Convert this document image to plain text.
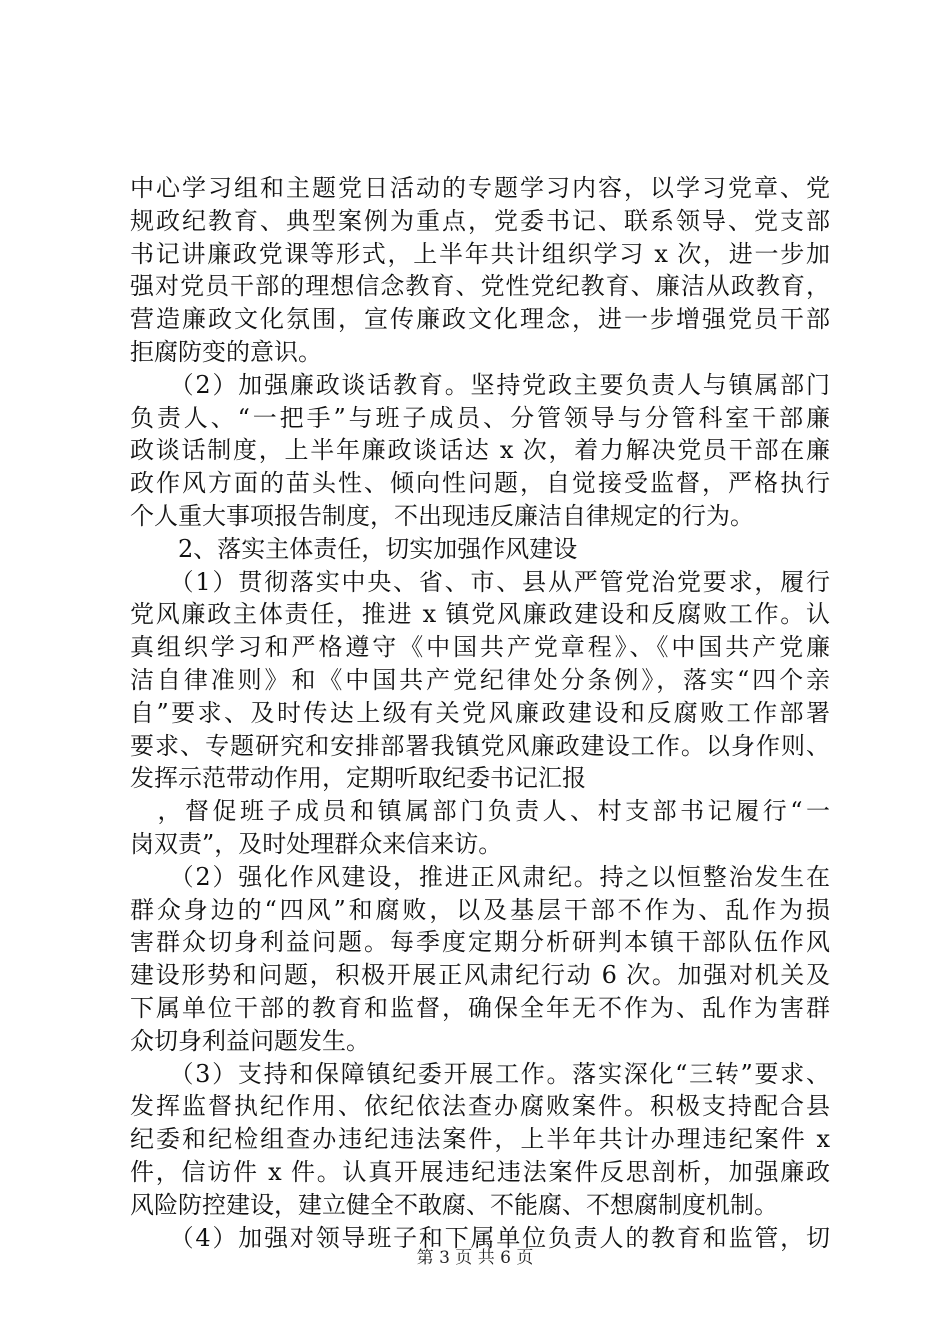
中心学习组和主题党日活动的专题学习内容，以学习党章、党
规政纪教育、典型案例为重点，党委书记、联系领导、党支部
书记讲廉政党课等形式，上半年共计组织学习 x 次，进一步加
强对党员干部的理想信念教育、党性党纪教育、廉洁从政教育，
营造廉政文化氛围，宣传廉政文化理念，进一步增强党员干部
拒腐防变的意识。
　　（2）加强廉政谈话教育。坚持党政主要负责人与镇属部门
负责人、“一把手”与班子成员、分管领导与分管科室干部廉
政谈话制度，上半年廉政谈话达 x 次，着力解决党员干部在廉
政作风方面的苗头性、倾向性问题，自觉接受监督，严格执行
个人重大事项报告制度，不出现违反廉洁自律规定的行为。
　　2、落实主体责任，切实加强作风建设
　　（1）贯彻落实中央、省、市、县从严管党治党要求，履行
党风廉政主体责任，推进 x 镇党风廉政建设和反腐败工作。认
真组织学习和严格遵守《中国共产党章程》、《中国共产党廉
洁自律准则》和《中国共产党纪律处分条例》，落实“四个亲
自”要求、及时传达上级有关党风廉政建设和反腐败工作部署
要求、专题研究和安排部署我镇党风廉政建设工作。以身作则、
发挥示范带动作用，定期听取纪委书记汇报
　，督促班子成员和镇属部门负责人、村支部书记履行“一
岗双责”，及时处理群众来信来访。
　　（2）强化作风建设，推进正风肃纪。持之以恒整治发生在
群众身边的“四风”和腐败，以及基层干部不作为、乱作为损
害群众切身利益问题。每季度定期分析研判本镇干部队伍作风
建设形势和问题，积极开展正风肃纪行动 6 次。加强对机关及
下属单位干部的教育和监督，确保全年无不作为、乱作为害群
众切身利益问题发生。
　　（3）支持和保障镇纪委开展工作。落实深化“三转”要求、
发挥监督执纪作用、依纪依法查办腐败案件。积极支持配合县
纪委和纪检组查办违纪违法案件，上半年共计办理违纪案件 x
件，信访件 x 件。认真开展违纪违法案件反思剖析，加强廉政
风险防控建设，建立健全不敢腐、不能腐、不想腐制度机制。
　　（4）加强对领导班子和下属单位负责人的教育和监管，切
第 3 页 共 6 页
